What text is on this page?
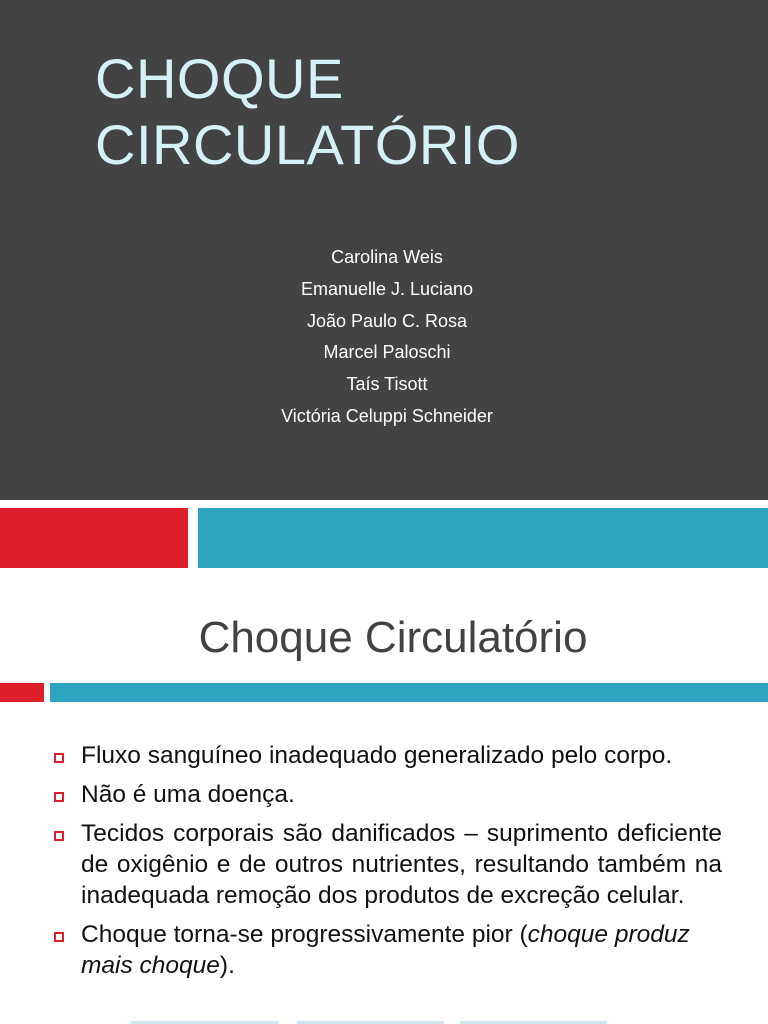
CHOQUE
CIRCULATÓRIO
Carolina Weis
Emanuelle J. Luciano
João Paulo C. Rosa
Marcel Paloschi
Taís Tisott
Victória Celuppi Schneider
Choque Circulatório
Fluxo sanguíneo inadequado generalizado pelo corpo.
Não é uma doença.
Tecidos corporais são danificados – suprimento deficiente de oxigênio e de outros nutrientes, resultando também na inadequada remoção dos produtos de excreção celular.
Choque torna-se progressivamente pior (choque produz mais choque).
